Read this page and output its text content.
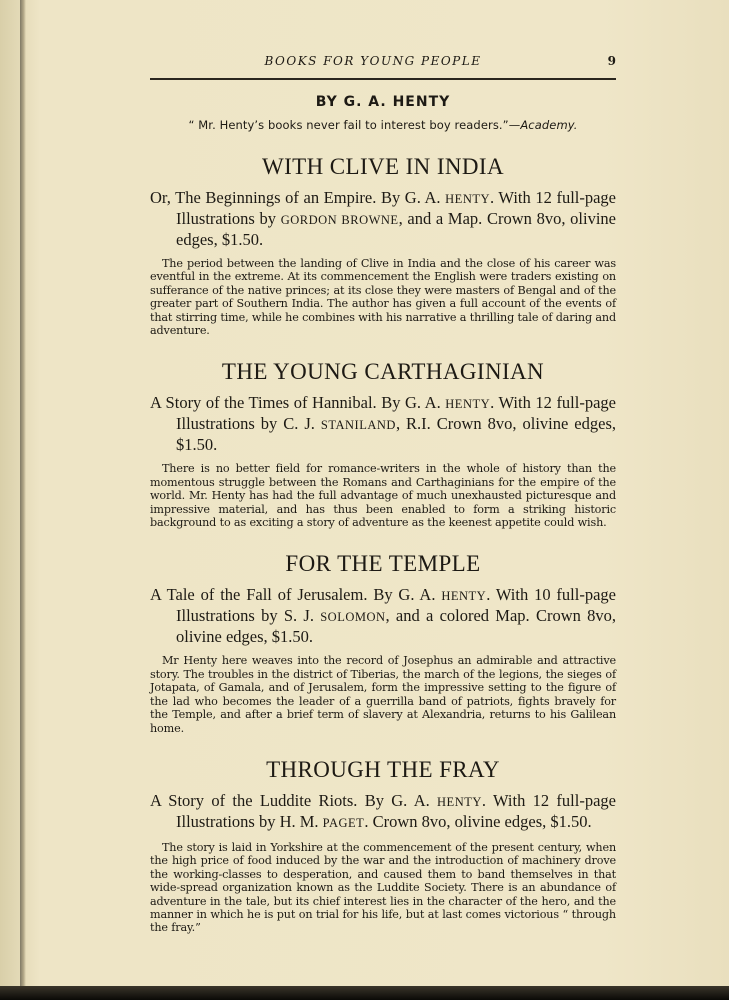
BOOKS FOR YOUNG PEOPLE	9
BY G. A. HENTY
“ Mr. Henty’s books never fail to interest boy readers.”—Academy.
WITH CLIVE IN INDIA
Or, The Beginnings of an Empire. By G. A. HENTY. With 12 full-page Illustrations by GORDON BROWNE, and a Map. Crown 8vo, olivine edges, $1.50.
The period between the landing of Clive in India and the close of his career was eventful in the extreme. At its commencement the English were traders existing on sufferance of the native princes; at its close they were masters of Bengal and of the greater part of Southern India. The author has given a full account of the events of that stirring time, while he combines with his narrative a thrilling tale of daring and adventure.
THE YOUNG CARTHAGINIAN
A Story of the Times of Hannibal. By G. A. HENTY. With 12 full-page Illustrations by C. J. STANILAND, R.I. Crown 8vo, olivine edges, $1.50.
There is no better field for romance-writers in the whole of history than the momentous struggle between the Romans and Carthaginians for the empire of the world. Mr. Henty has had the full advantage of much unexhausted picturesque and impressive material, and has thus been enabled to form a striking historic background to as exciting a story of adventure as the keenest appetite could wish.
FOR THE TEMPLE
A Tale of the Fall of Jerusalem. By G. A. HENTY. With 10 full-page Illustrations by S. J. SOLOMON, and a colored Map. Crown 8vo, olivine edges, $1.50.
Mr Henty here weaves into the record of Josephus an admirable and attractive story. The troubles in the district of Tiberias, the march of the legions, the sieges of Jotapata, of Gamala, and of Jerusalem, form the impressive setting to the figure of the lad who becomes the leader of a guerrilla band of patriots, fights bravely for the Temple, and after a brief term of slavery at Alexandria, returns to his Galilean home.
THROUGH THE FRAY
A Story of the Luddite Riots. By G. A. HENTY. With 12 full-page Illustrations by H. M. PAGET. Crown 8vo, olivine edges, $1.50.
The story is laid in Yorkshire at the commencement of the present century, when the high price of food induced by the war and the introduction of machinery drove the working-classes to desperation, and caused them to band themselves in that wide-spread organization known as the Luddite Society. There is an abundance of adventure in the tale, but its chief interest lies in the character of the hero, and the manner in which he is put on trial for his life, but at last comes victorious “ through the fray.”
